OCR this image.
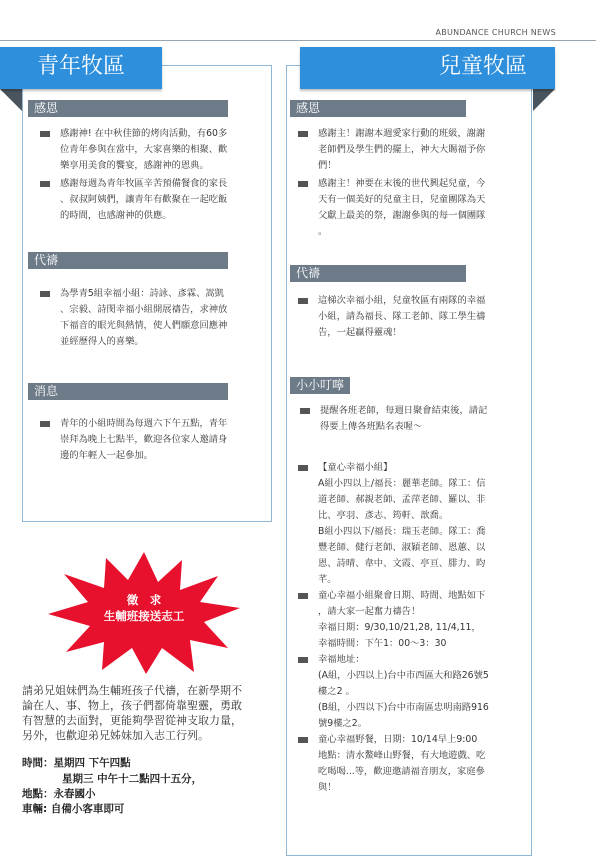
ABUNDANCE CHURCH NEWS
青年牧區
感恩
感謝神! 在中秋佳節的烤肉活動，有60多
位青年參與在當中，大家喜樂的相聚、歡
樂享用美食的饗宴，感謝神的恩典。
感謝每週為青年牧區辛苦預備餐食的家長
、叔叔阿姨們，讓青年有歡聚在一起吃飯
的時間，也感謝神的供應。
代禱
為學青5組幸福小組：詩詠、彥霖、嵩凱
、宗毅、詩閔幸福小組開展禱告，求神放
下福音的眼光與熱情，使人們願意回應神
並經歷得人的喜樂。
消息
青年的小組時間為每週六下午五點，青年
崇拜為晚上七點半，歡迎各位家人邀請身
邊的年輕人一起參加。
兒童牧區
感恩
感謝主！謝謝本週愛家行動的班級，謝謝
老師們及學生們的擺上，神大大賜福予你
們！
感謝主！神要在末後的世代興起兒童，今
天有一個美好的兒童主日，兒童團隊為天
父獻上最美的祭，謝謝參與的每一個團隊
。
代禱
這梯次幸福小組，兒童牧區有兩隊的幸福
小組，請為福長、隊工老師、隊工學生禱
告，一起贏得靈魂！
小小叮嚀
提醒各班老師，每週日聚會結束後，請記
得要上傳各班點名表喔～
【童心幸福小組】
A組小四以上/福長：麗華老師。隊工：信
道老師、郝親老師、孟萍老師、羅以、非
比、亭羽、彥志、筠軒、歆喬。
B組小四以下/福長：瑞玉老師。隊工：喬
豐老師、健行老師、淑穎老師、恩蕙、以
恩、詩晴、韋中、文霞、亭亘、腓力、昀
芊。
童心幸福小組聚會日期、時間、地點如下
，請大家一起奮力禱告！
幸福日期：9/30,10/21,28, 11/4,11，
幸福時間：下午1：00～3：30
幸福地址：
(A組，小四以上)台中市西區大和路26號5
樓之2 。
(B組，小四以下)台中市南區忠明南路916
號9樓之2。
童心幸福野餐，日期：10/14早上9:00
地點：清水鰲峰山野餐，有大地遊戲、吃
吃喝喝...等，歡迎邀請福音朋友，家庭參
與！
徵　求
生輔班接送志工
請弟兄姐妹們為生輔班孩子代禱，在新學期不
論在人、事、物上，孩子們都倚靠聖靈，勇敢
有智慧的去面對，更能夠學習從神支取力量，
另外，也歡迎弟兄姊妹加入志工行列。
時間：星期四 下午四點
星期三 中午十二點四十五分，
地點：永春國小
車輛: 自備小客車即可
